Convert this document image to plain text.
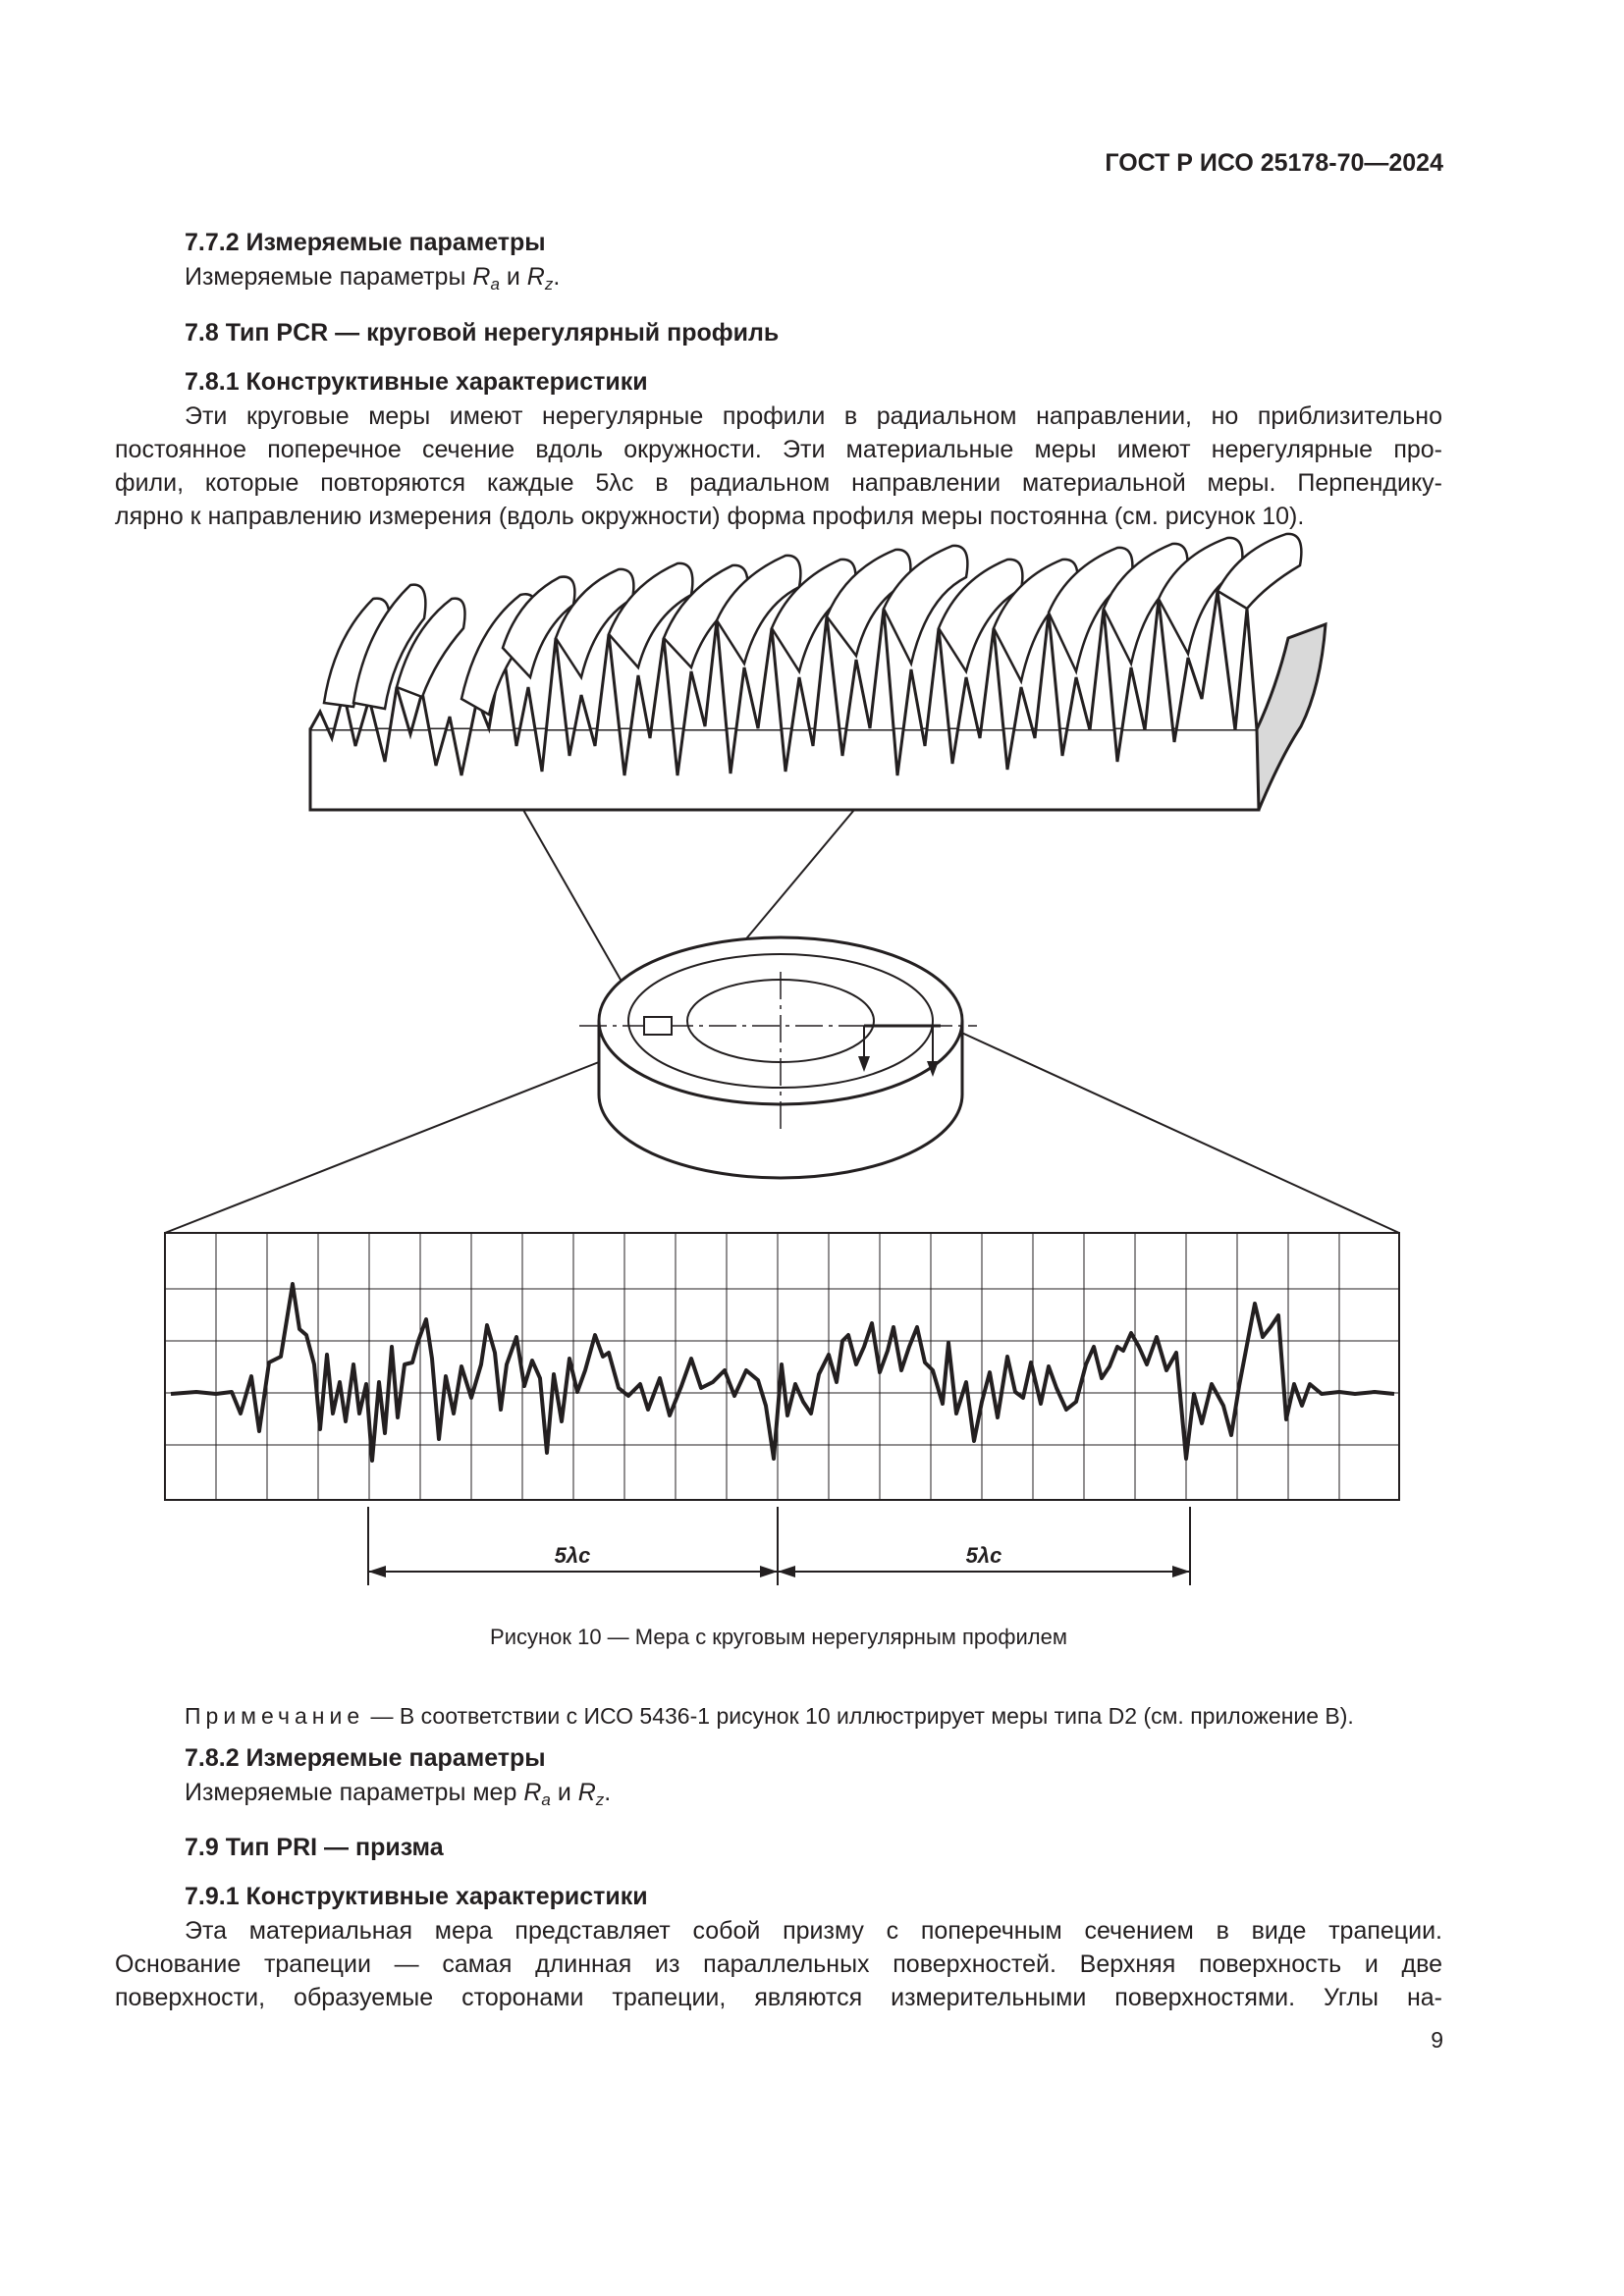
ГОСТ Р ИСО 25178-70—2024
7.7.2 Измеряемые параметры
Измеряемые параметры $R_a$ и $R_z$.
7.8 Тип PCR — круговой нерегулярный профиль
7.8.1 Конструктивные характеристики
Эти круговые меры имеют нерегулярные профили в радиальном направлении, но приблизительно
постоянное поперечное сечение вдоль окружности. Эти материальные меры имеют нерегулярные про-
фили, которые повторяются каждые 5λc в радиальном направлении материальной меры. Перпендику-
лярно к направлению измерения (вдоль окружности) форма профиля меры постоянна (см. рисунок 10).
5λc	5λc
Рисунок 10 — Мера с круговым нерегулярным профилем
Примечание — В соответствии с ИСО 5436-1 рисунок 10 иллюстрирует меры типа D2 (см. приложение В).
7.8.2 Измеряемые параметры
Измеряемые параметры мер $R_a$ и $R_z$.
7.9 Тип PRI — призма
7.9.1 Конструктивные характеристики
Эта материальная мера представляет собой призму с поперечным сечением в виде трапеции.
Основание трапеции — самая длинная из параллельных поверхностей. Верхняя поверхность и две
поверхности, образуемые сторонами трапеции, являются измерительными поверхностями. Углы на-
9
